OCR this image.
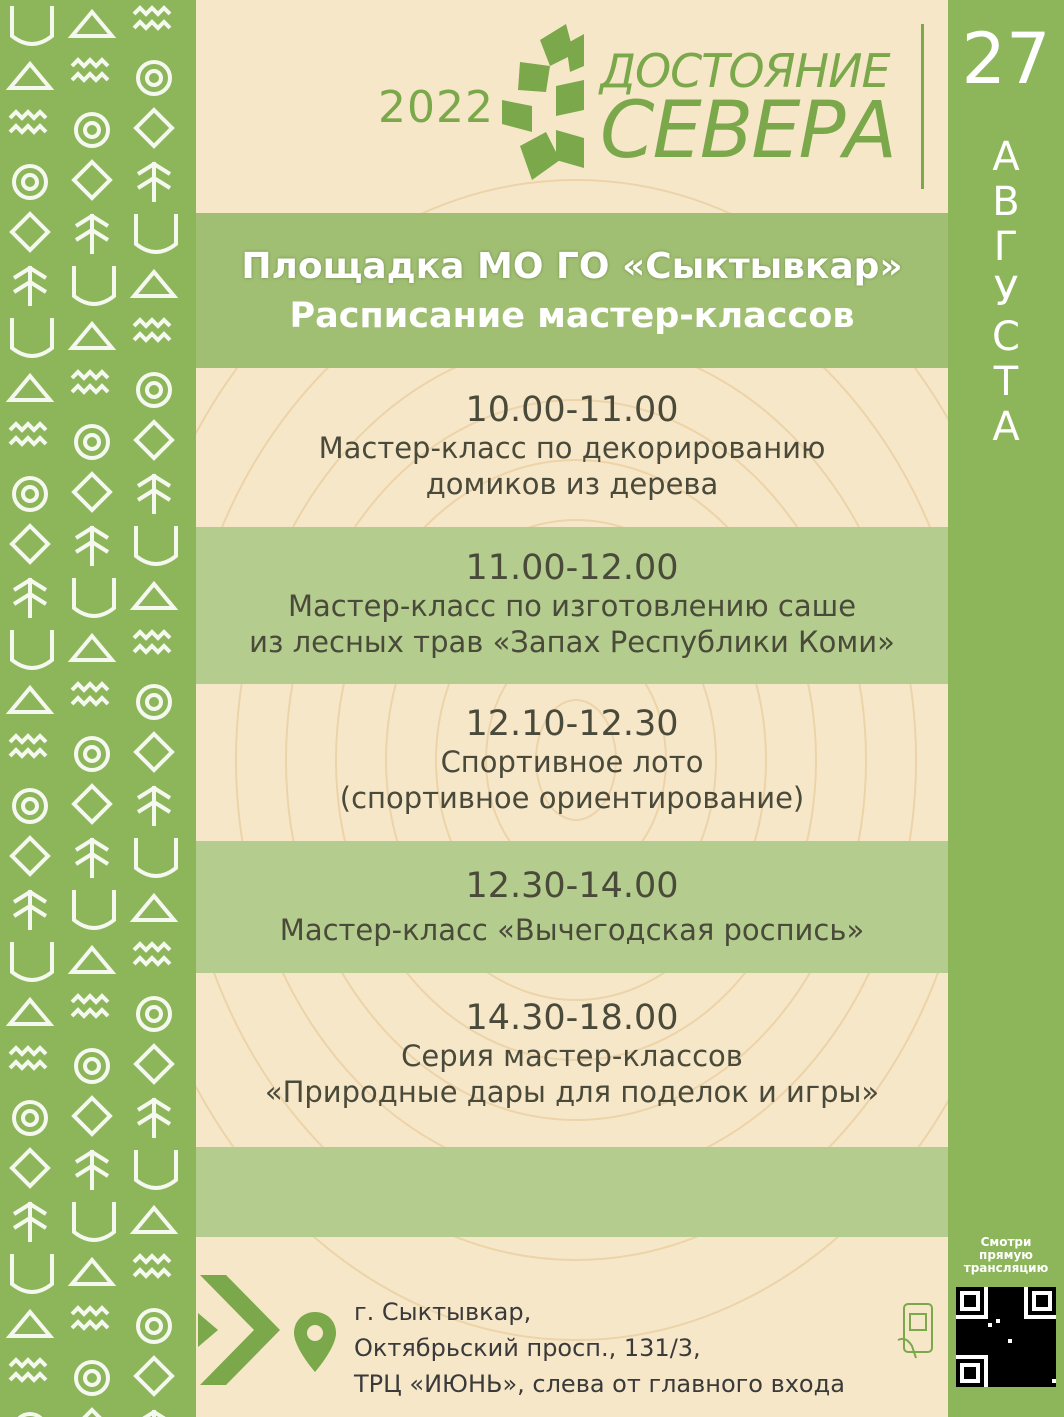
2022
ДОСТОЯНИЕ
СЕВЕРА
27
А
В
Г
У
С
Т
А
Площадка МО ГО «Сыктывкар»
Расписание мастер-классов
10.00-11.00
Мастер-класс по декорированию
домиков из дерева
11.00-12.00
Мастер-класс по изготовлению саше
из лесных трав «Запах Республики Коми»
12.10-12.30
Спортивное лото
(спортивное ориентирование)
12.30-14.00
Мастер-класс «Вычегодская роспись»
14.30-18.00
Серия мастер-классов
«Природные дары для поделок и игры»
г. Сыктывкар,
Октябрьский просп., 131/3,
ТРЦ «ИЮНЬ», слева от главного входа
Смотри
прямую
трансляцию
